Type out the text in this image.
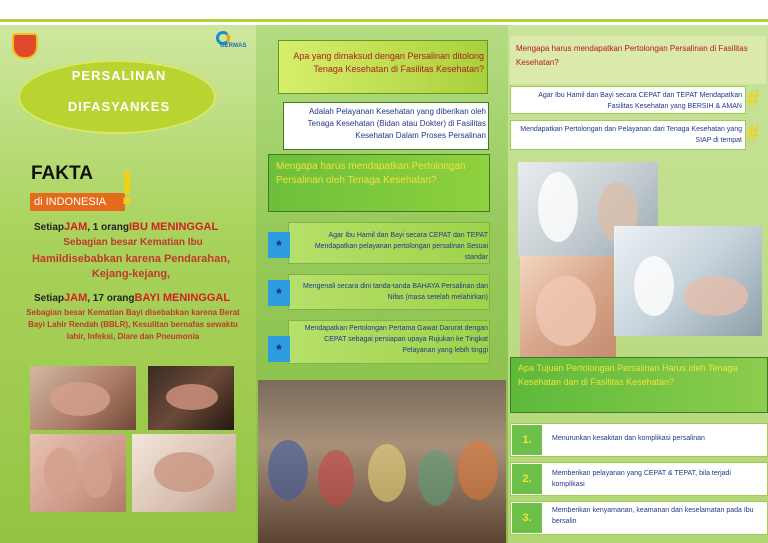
GERMAS
PERSALINAN
DIFASYANKES
FAKTA
di INDONESIA !
SetiapJAM, 1 orangIBU MENINGGAL
Sebagian besar Kematian Ibu
Hamildisebabkan karena Pendarahan, Kejang-kejang,
SetiapJAM, 17 orangBAYI MENINGGAL
Sebagian besar Kematian Bayi disebabkan karena Berat Bayi Lahir Rendah (BBLR), Kesulitan bernafas sewaktu lahir, Infeksi, Diare dan Pneumonia
Apa yang dimaksud dengan Persalinan ditolong Tenaga Kesehatan di Fasilitas Kesehatan?
Adalah Pelayanan Kesehatan yang diberikan oleh Tenaga Kesehatan (Bidan atau Dokter) di Fasilitas Kesehatan Dalam Proses Persalinan
Mengapa harus mendapatkan Pertolongan Persalinan oleh Tenaga Kesehatan?
*
*
*
Agar Ibu Hamil dan Bayi secara CEPAT dan TEPAT Mendapatkan pelayanan pertolongan persalinan Sesuai standar
Mengenali secara dini tanda-tanda BAHAYA Persalinan dan Nifas (masa setelah melahirkan)
Mendapatkan Pertolongan Pertama Gawat Darurat dengan CEPAT sebagai persiapan upaya Rujukan ke Tingkat Pelayanan yang lebih tinggi
Mengapa harus mendapatkan Pertolongan Persalinan di Fasilitas Kesehatan?
Agar Ibu Hamil dan Bayi secara CEPAT dan TEPAT Mendapatkan Fasilitas Kesehatan yang BERSIH & AMAN
Mendapatkan Pertolongan dan Pelayanan dari Tenaga Kesehatan yang SIAP di tempat
#
#
Apa Tujuan Pertolongan Persalinan Harus oleh Tenaga Kesehatan dan di Fasilitas Kesehatan?
1.
2.
3.
Menurunkan kesakitan dan komplikasi persalinan
Memberikan pelayanan yang CEPAT & TEPAT, bila terjadi komplikasi
Memberikan kenyamanan, keamanan dan keselamatan pada Ibu bersalin
